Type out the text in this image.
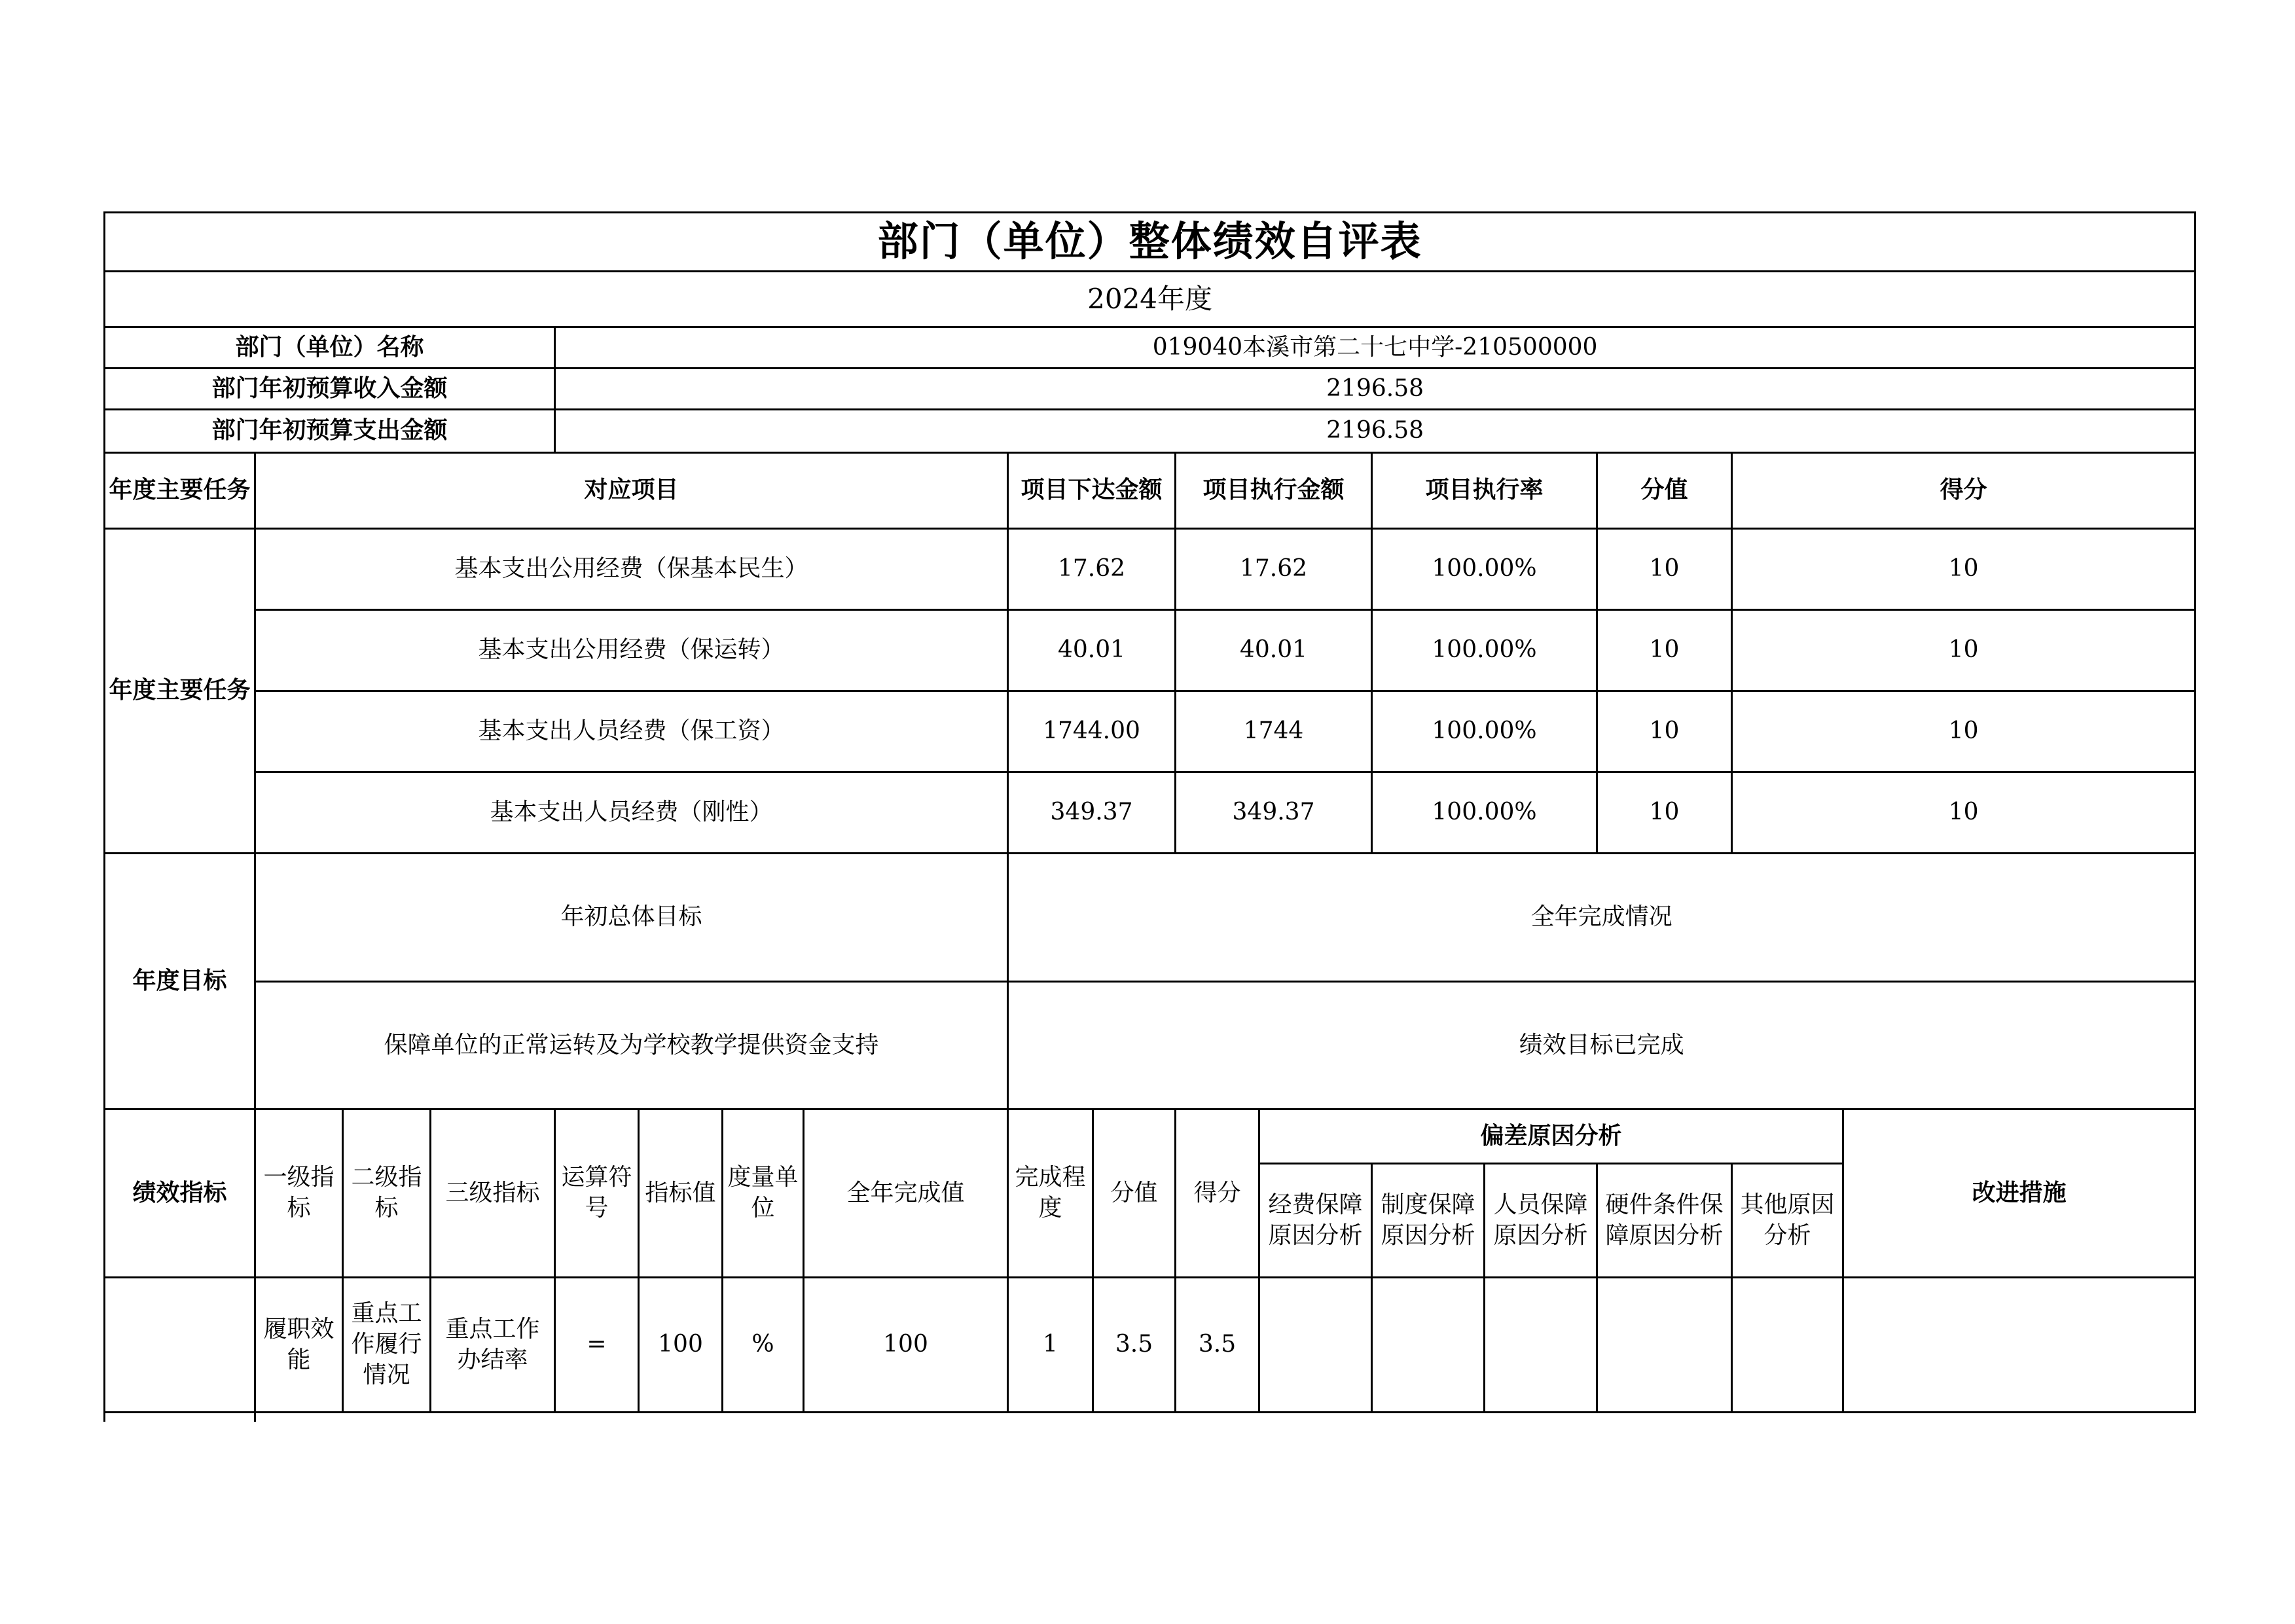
部门（单位）整体绩效自评表																
2024年度																
部门（单位）名称				019040本溪市第二十七中学-210500000												
部门年初预算收入金额				2196.58												
部门年初预算支出金额				2196.58												
年度主要任务	对应项目							项目下达金额		项目执行金额		项目执行率		分值	得分	
年度主要任务	基本支出公用经费（保基本民生）							17.62		17.62		100.00%		10	10	
	基本支出公用经费（保运转）							40.01		40.01		100.00%		10	10	
	基本支出人员经费（保工资）							1744.00		1744		100.00%		10	10	
	基本支出人员经费（刚性）							349.37		349.37		100.00%		10	10	
年度目标	年初总体目标							全年完成情况								
	保障单位的正常运转及为学校教学提供资金支持							绩效目标已完成								
绩效指标	一级指标	二级指标	三级指标	运算符号	指标值	度量单位	全年完成值	完成程度	分值	得分	偏差原因分析					改进措施
											经费保障原因分析	制度保障原因分析	人员保障原因分析	硬件条件保障原因分析	其他原因分析	
	履职效能	重点工作履行情况	重点工作办结率	=	100	%	100	1	3.5	3.5						
